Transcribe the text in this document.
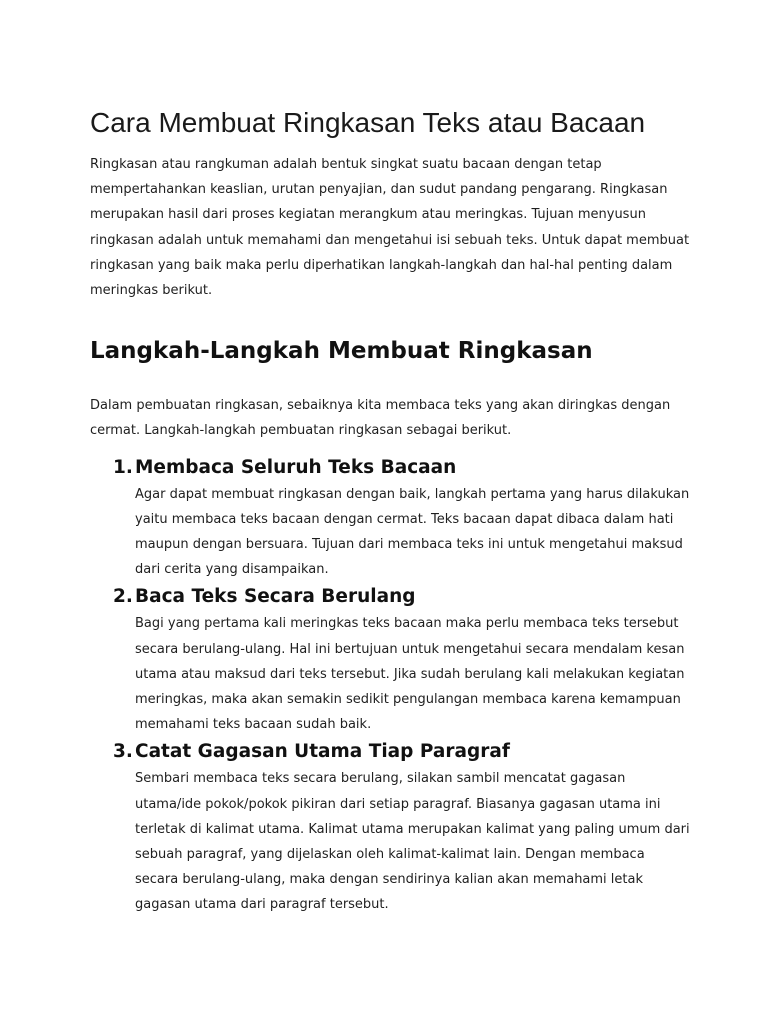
Cara Membuat Ringkasan Teks atau Bacaan

Ringkasan atau rangkuman adalah bentuk singkat suatu bacaan dengan tetap mempertahankan keaslian, urutan penyajian, dan sudut pandang pengarang. Ringkasan merupakan hasil dari proses kegiatan merangkum atau meringkas. Tujuan menyusun ringkasan adalah untuk memahami dan mengetahui isi sebuah teks. Untuk dapat membuat ringkasan yang baik maka perlu diperhatikan langkah-langkah dan hal-hal penting dalam meringkas berikut.

Langkah-Langkah Membuat Ringkasan

Dalam pembuatan ringkasan, sebaiknya kita membaca teks yang akan diringkas dengan cermat. Langkah-langkah pembuatan ringkasan sebagai berikut.

1. Membaca Seluruh Teks Bacaan

Agar dapat membuat ringkasan dengan baik, langkah pertama yang harus dilakukan yaitu membaca teks bacaan dengan cermat. Teks bacaan dapat dibaca dalam hati maupun dengan bersuara. Tujuan dari membaca teks ini untuk mengetahui maksud dari cerita yang disampaikan.

2. Baca Teks Secara Berulang

Bagi yang pertama kali meringkas teks bacaan maka perlu membaca teks tersebut secara berulang-ulang. Hal ini bertujuan untuk mengetahui secara mendalam kesan utama atau maksud dari teks tersebut. Jika sudah berulang kali melakukan kegiatan meringkas, maka akan semakin sedikit pengulangan membaca karena kemampuan memahami teks bacaan sudah baik.

3. Catat Gagasan Utama Tiap Paragraf

Sembari membaca teks secara berulang, silakan sambil mencatat gagasan utama/ide pokok/pokok pikiran dari setiap paragraf. Biasanya gagasan utama ini terletak di kalimat utama. Kalimat utama merupakan kalimat yang paling umum dari sebuah paragraf, yang dijelaskan oleh kalimat-kalimat lain. Dengan membaca secara berulang-ulang, maka dengan sendirinya kalian akan memahami letak gagasan utama dari paragraf tersebut.
